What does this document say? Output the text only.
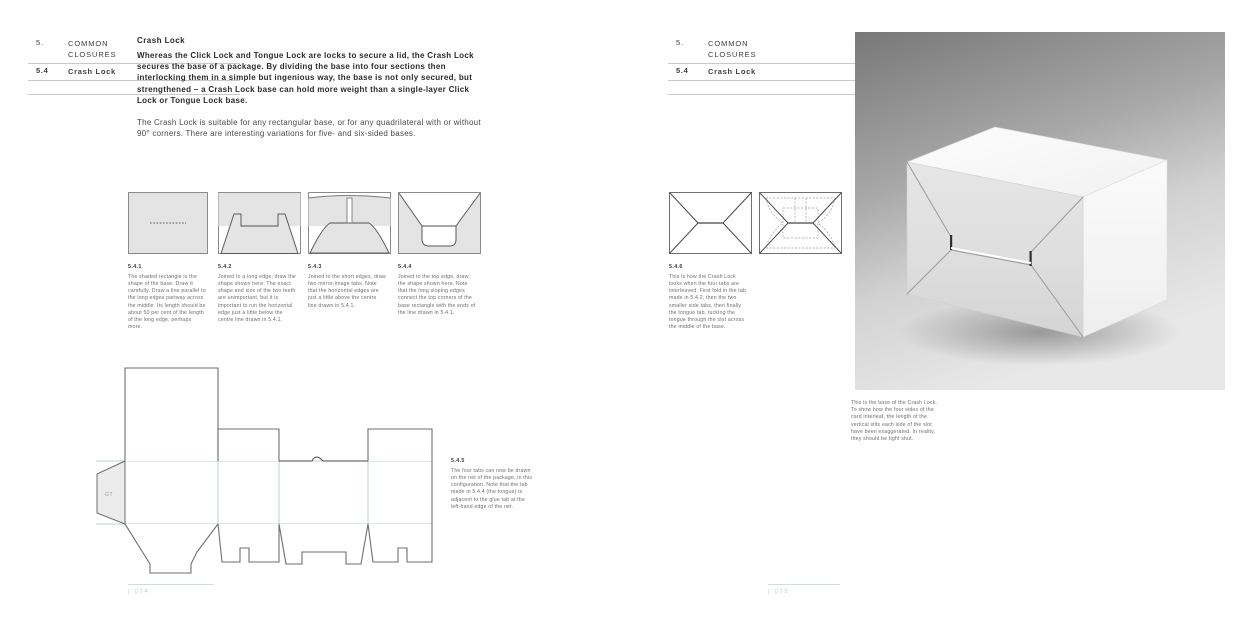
5.	COMMON
CLOSURES
5.4	Crash Lock
Crash Lock
Whereas the Click Lock and Tongue Lock are locks to secure a lid, the Crash Lock secures the base of a package. By dividing the base into four sections then interlocking them in a simple but ingenious way, the base is not only secured, but strengthened – a Crash Lock base can hold more weight than a single-layer Click Lock or Tongue Lock base.
The Crash Lock is suitable for any rectangular base, or for any quadrilateral with or without 90° corners. There are interesting variations for five- and six-sided bases.
5.4.1
The shaded rectangle is the shape of the base. Draw it carefully. Draw a line parallel to the long edges partway across the middle. Its length should be about 50 per cent of the length of the long edge, perhaps more.
5.4.2
Joined to a long edge, draw the shape shown here. The exact shape and size of the two teeth are unimportant, but it is important to run the horizontal edge just a little below the centre line drawn in 5.4.1.
5.4.3
Joined to the short edges, draw two mirror-image tabs. Note that the horizontal edges are just a little above the centre line drawn in 5.4.1.
5.4.4
Joined to the top edge, draw the shape shown here. Note that the long sloping edges connect the top corners of the base rectangle with the ends of the line drawn in 5.4.1.
GT
5.4.5
The four tabs can now be drawn on the net of the package, in this configuration. Note that the tab made in 5.4.4 (the tongue) is adjacent to the glue tab at the left-hand edge of the net.
| 074
5.	COMMON
CLOSURES
5.4	Crash Lock
5.4.6
This is how the Crash Lock looks when the four tabs are interleaved. First fold in the tab made in 5.4.2, then the two smaller side tabs, then finally the tongue tab, tucking the tongue through the slot across the middle of the base.
This is the base of the Crash Lock. To show how the four sides of the card interleaf, the length of the vertical slits each side of the slot have been exaggerated. In reality, they should be tight shut.
| 075
